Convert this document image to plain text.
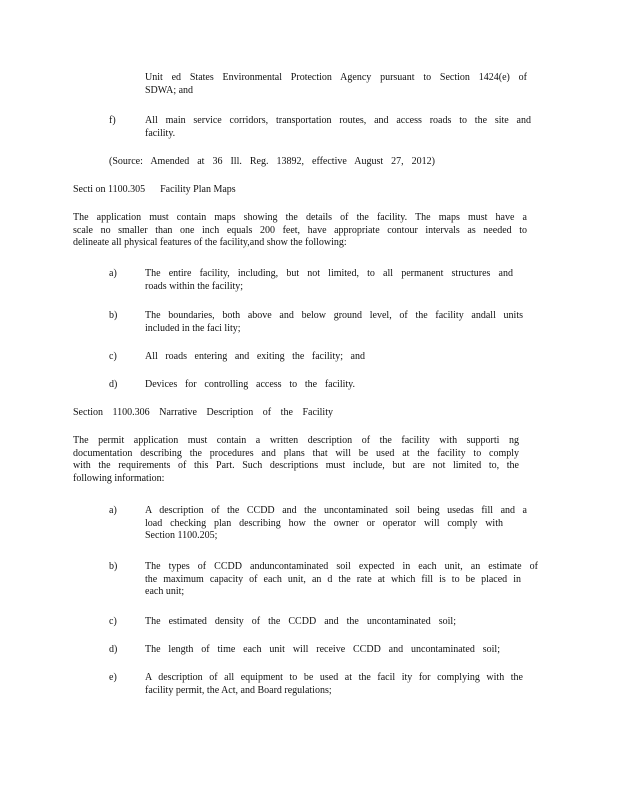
Unit ed States Environmental Protection Agency pursuant to Section 1424(e) of
SDWA; and
f)	All main service corridors, transportation routes, and access roads to the site and
facility.
(Source: Amended at 36 Ill. Reg. 13892, effective August 27, 2012)
Secti on 1100.305      Facility Plan Maps
The application must contain maps showing the details of the facility. The maps must have a
scale no smaller than one inch equals 200 feet, have appropriate contour intervals as needed to
delineate all physical features of the facility,and show the following:
a)	The entire facility, including, but not limited, to all permanent structures and
roads within the facility;
b)	The boundaries, both above and below ground level, of the facility andall units
included in the faci lity;
c)	All roads entering and exiting the facility; and
d)	Devices for controlling access to the facility.
Section 1100.306 Narrative Description of the Facility
The permit application must contain a written description of the facility with supporti ng
documentation describing the procedures and plans that will be used at the facility to comply
with the requirements of this Part. Such descriptions must include, but are not limited to, the
following information:
a)	A description of the CCDD and the uncontaminated soil being usedas fill and a
load checking plan describing how the owner or operator will comply with
Section 1100.205;
b)	The types of CCDD anduncontaminated soil expected in each unit, an estimate of
the maximum capacity of each unit, an d the rate at which fill is to be placed in
each unit;
c)	The estimated density of the CCDD and the uncontaminated soil;
d)	The length of time each unit will receive CCDD and uncontaminated soil;
e)	A description of all equipment to be used at the facil ity for complying with the
facility permit, the Act, and Board regulations;
